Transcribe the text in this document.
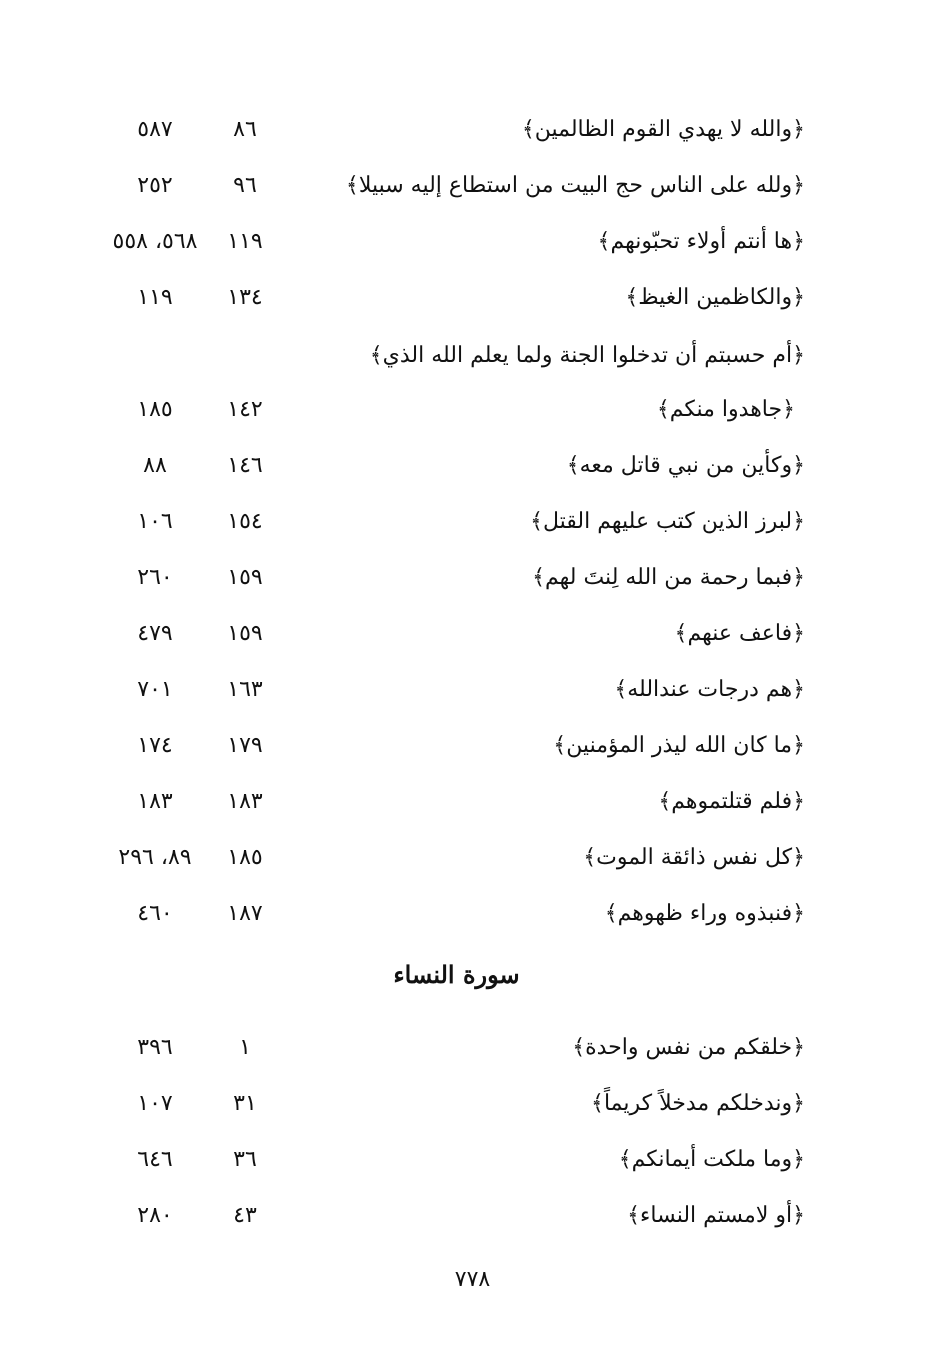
﴿والله لا يهدي القوم الظالمين﴾
٨٦
٥٨٧
﴿ولله على الناس حج البيت من استطاع إليه سبيلا﴾
٩٦
٢٥٢
﴿ها أنتم أولاء تحبّونهم﴾
١١٩
٥٦٨، ٥٥٨
﴿والكاظمين الغيظ﴾
١٣٤
١١٩
﴿أم حسبتم أن تدخلوا الجنة ولما يعلم الله الذي﴾
﴿جاهدوا منكم﴾
١٤٢
١٨٥
﴿وكأين من نبي قاتل معه﴾
١٤٦
٨٨
﴿لبرز الذين كتب عليهم القتل﴾
١٥٤
١٠٦
﴿فبما رحمة من الله لِنتَ لهم﴾
١٥٩
٢٦٠
﴿فاعف عنهم﴾
١٥٩
٤٧٩
﴿هم درجات عندالله﴾
١٦٣
٧٠١
﴿ما كان الله ليذر المؤمنين﴾
١٧٩
١٧٤
﴿فلم قتلتموهم﴾
١٨٣
١٨٣
﴿كل نفس ذائقة الموت﴾
١٨٥
٨٩، ٢٩٦
﴿فنبذوه وراء ظهوهم﴾
١٨٧
٤٦٠
سورة النساء
﴿خلقكم من نفس واحدة﴾
١
٣٩٦
﴿وندخلكم مدخلاً كريماً﴾
٣١
١٠٧
﴿وما ملكت أيمانكم﴾
٣٦
٦٤٦
﴿أو لامستم النساء﴾
٤٣
٢٨٠
٧٧٨
